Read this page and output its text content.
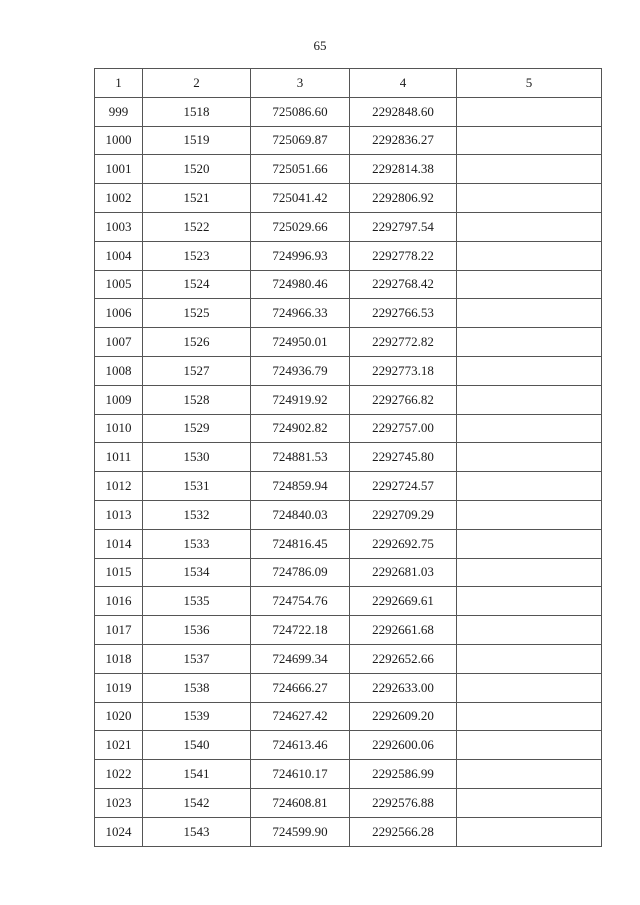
65
1	2	3	4	5
999	1518	725086.60	2292848.60	
1000	1519	725069.87	2292836.27	
1001	1520	725051.66	2292814.38	
1002	1521	725041.42	2292806.92	
1003	1522	725029.66	2292797.54	
1004	1523	724996.93	2292778.22	
1005	1524	724980.46	2292768.42	
1006	1525	724966.33	2292766.53	
1007	1526	724950.01	2292772.82	
1008	1527	724936.79	2292773.18	
1009	1528	724919.92	2292766.82	
1010	1529	724902.82	2292757.00	
1011	1530	724881.53	2292745.80	
1012	1531	724859.94	2292724.57	
1013	1532	724840.03	2292709.29	
1014	1533	724816.45	2292692.75	
1015	1534	724786.09	2292681.03	
1016	1535	724754.76	2292669.61	
1017	1536	724722.18	2292661.68	
1018	1537	724699.34	2292652.66	
1019	1538	724666.27	2292633.00	
1020	1539	724627.42	2292609.20	
1021	1540	724613.46	2292600.06	
1022	1541	724610.17	2292586.99	
1023	1542	724608.81	2292576.88	
1024	1543	724599.90	2292566.28	
